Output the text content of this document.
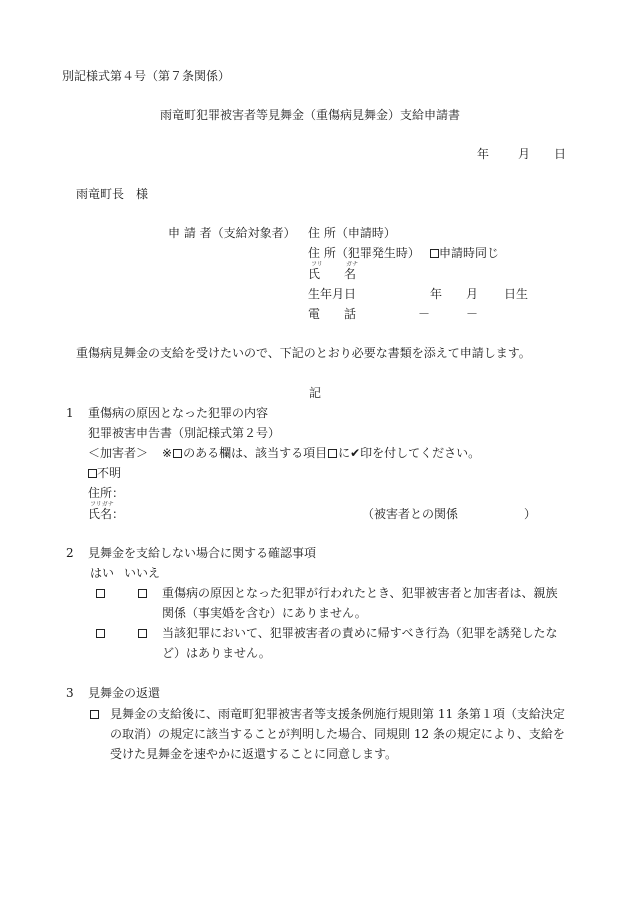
別記様式第４号（第７条関係）
雨竜町犯罪被害者等見舞金（重傷病見舞金）支給申請書
年 月 日
雨竜町長　様
申 請 者（支給対象者） 住 所（申請時）
住 所（犯罪発生時）	申請時同じ
フリ	ガナ
氏　　名
生年月日	年 月 日生
電　　話	－	－
重傷病見舞金の支給を受けたいので、下記のとおり必要な書類を添えて申請します。
記
1 重傷病の原因となった犯罪の内容
犯罪被害申告書（別記様式第２号）
＜加害者＞ ※ のある欄は、該当する項目 に✔印を付してください。
不明
住所：
フリガナ
氏名：	（被害者との関係	）
2 見舞金を支給しない場合に関する確認事項
はい いいえ
重傷病の原因となった犯罪が行われたとき、犯罪被害者と加害者は、親族
関係（事実婚を含む）にありません。
当該犯罪において、犯罪被害者の責めに帰すべき行為（犯罪を誘発したな
ど）はありません。
3 見舞金の返還
見舞金の支給後に、雨竜町犯罪被害者等支援条例施行規則第 11 条第１項（支給決定
の取消）の規定に該当することが判明した場合、同規則 12 条の規定により、支給を
受けた見舞金を速やかに返還することに同意します。
